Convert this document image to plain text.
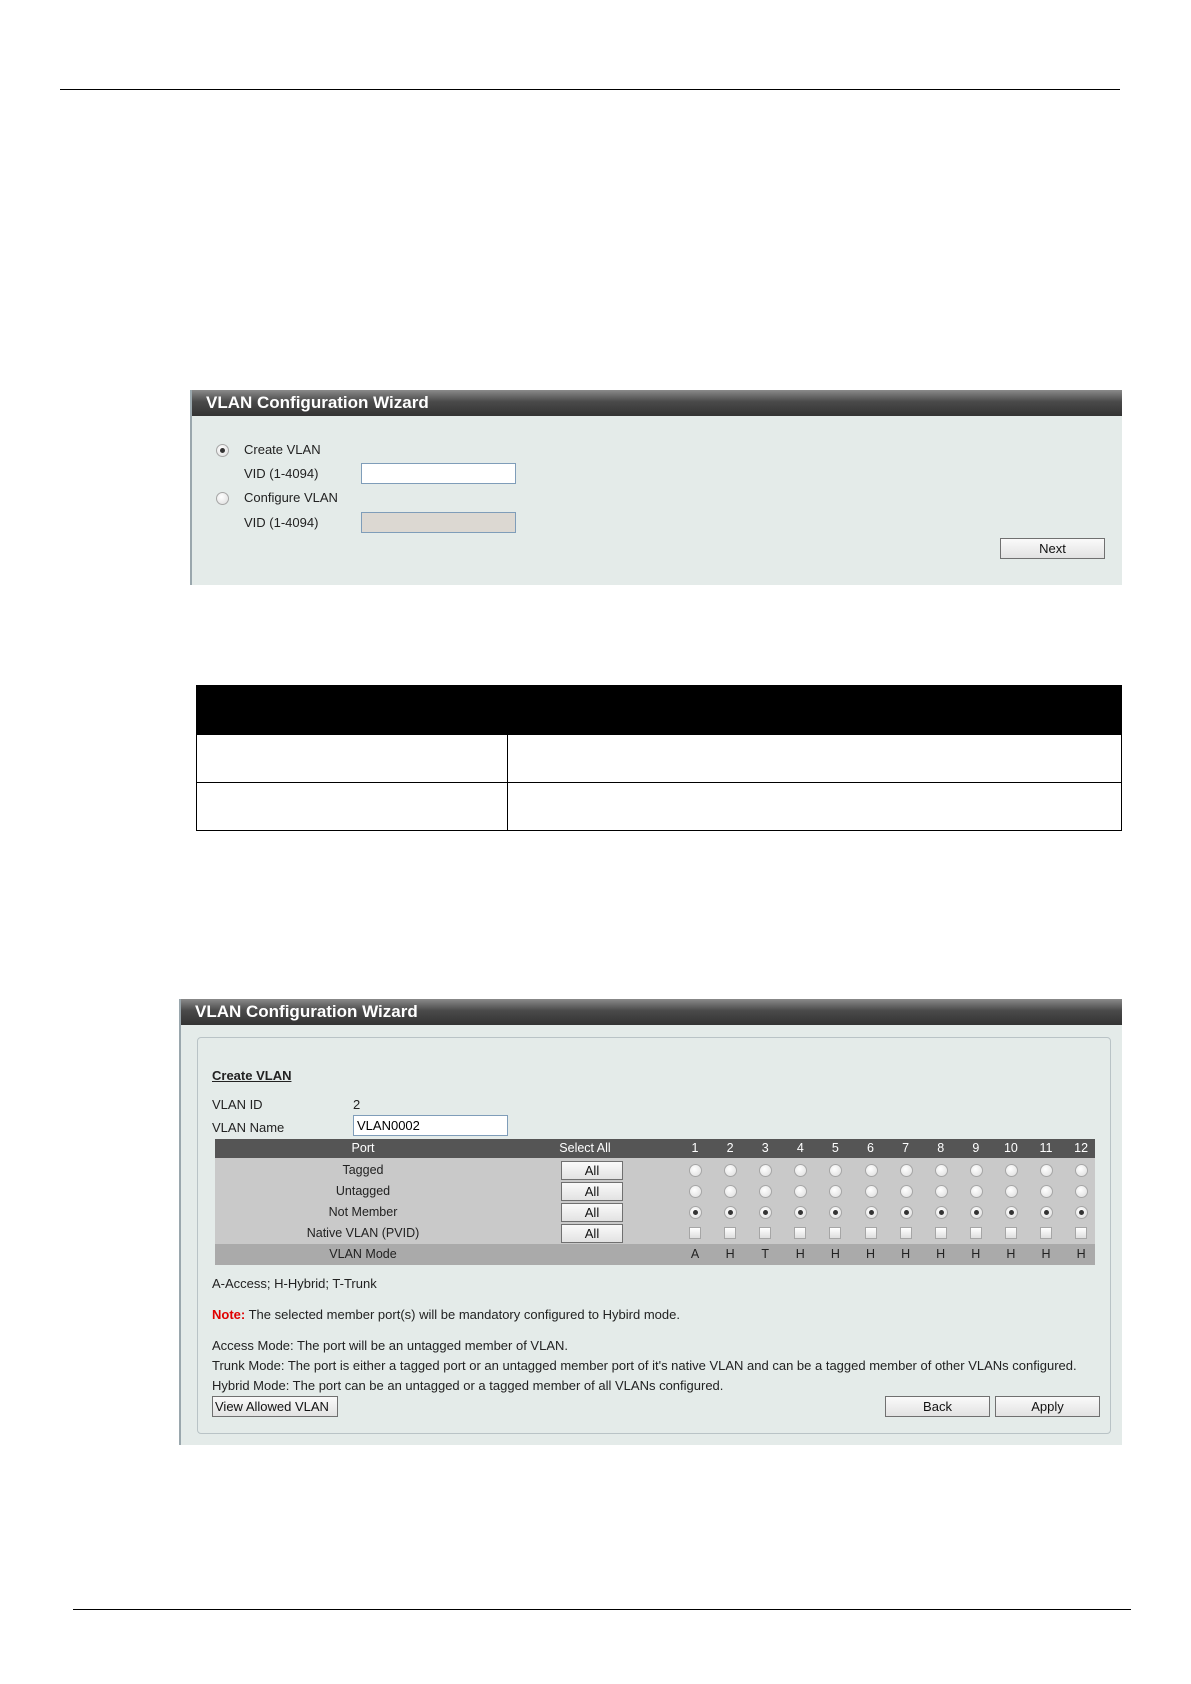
VLAN Configuration Wizard
Create VLAN
VID (1-4094)
Configure VLAN
VID (1-4094)
Next

VLAN Configuration Wizard
Create VLAN
VLAN ID	2
VLAN Name
VLAN0002
Port	Select All	1	2	3	4	5	6	7	8	9	10	11	12
Tagged	All
Untagged	All
Not Member	All
Native VLAN (PVID)	All
VLAN Mode	A	H	T	H	H	H	H	H	H	H	H	H
A-Access; H-Hybrid; T-Trunk
Note: The selected member port(s) will be mandatory configured to Hybird mode.
Access Mode: The port will be an untagged member of VLAN.
Trunk Mode: The port is either a tagged port or an untagged member port of it's native VLAN and can be a tagged member of other VLANs configured.
Hybrid Mode: The port can be an untagged or a tagged member of all VLANs configured.
View Allowed VLAN	Back	Apply
